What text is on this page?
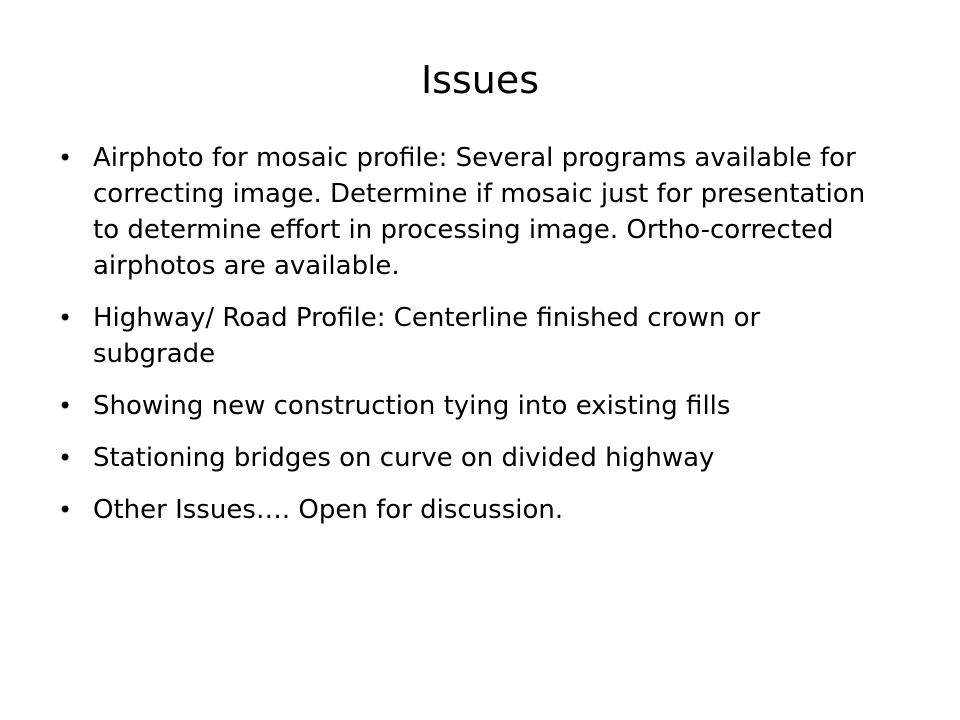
Issues
• Airphoto for mosaic profile: Several programs available for correcting image. Determine if mosaic just for presentation to determine effort in processing image. Ortho-corrected airphotos are available.
• Highway/ Road Profile: Centerline finished crown or subgrade
• Showing new construction tying into existing fills
• Stationing bridges on curve on divided highway
• Other Issues…. Open for discussion.
